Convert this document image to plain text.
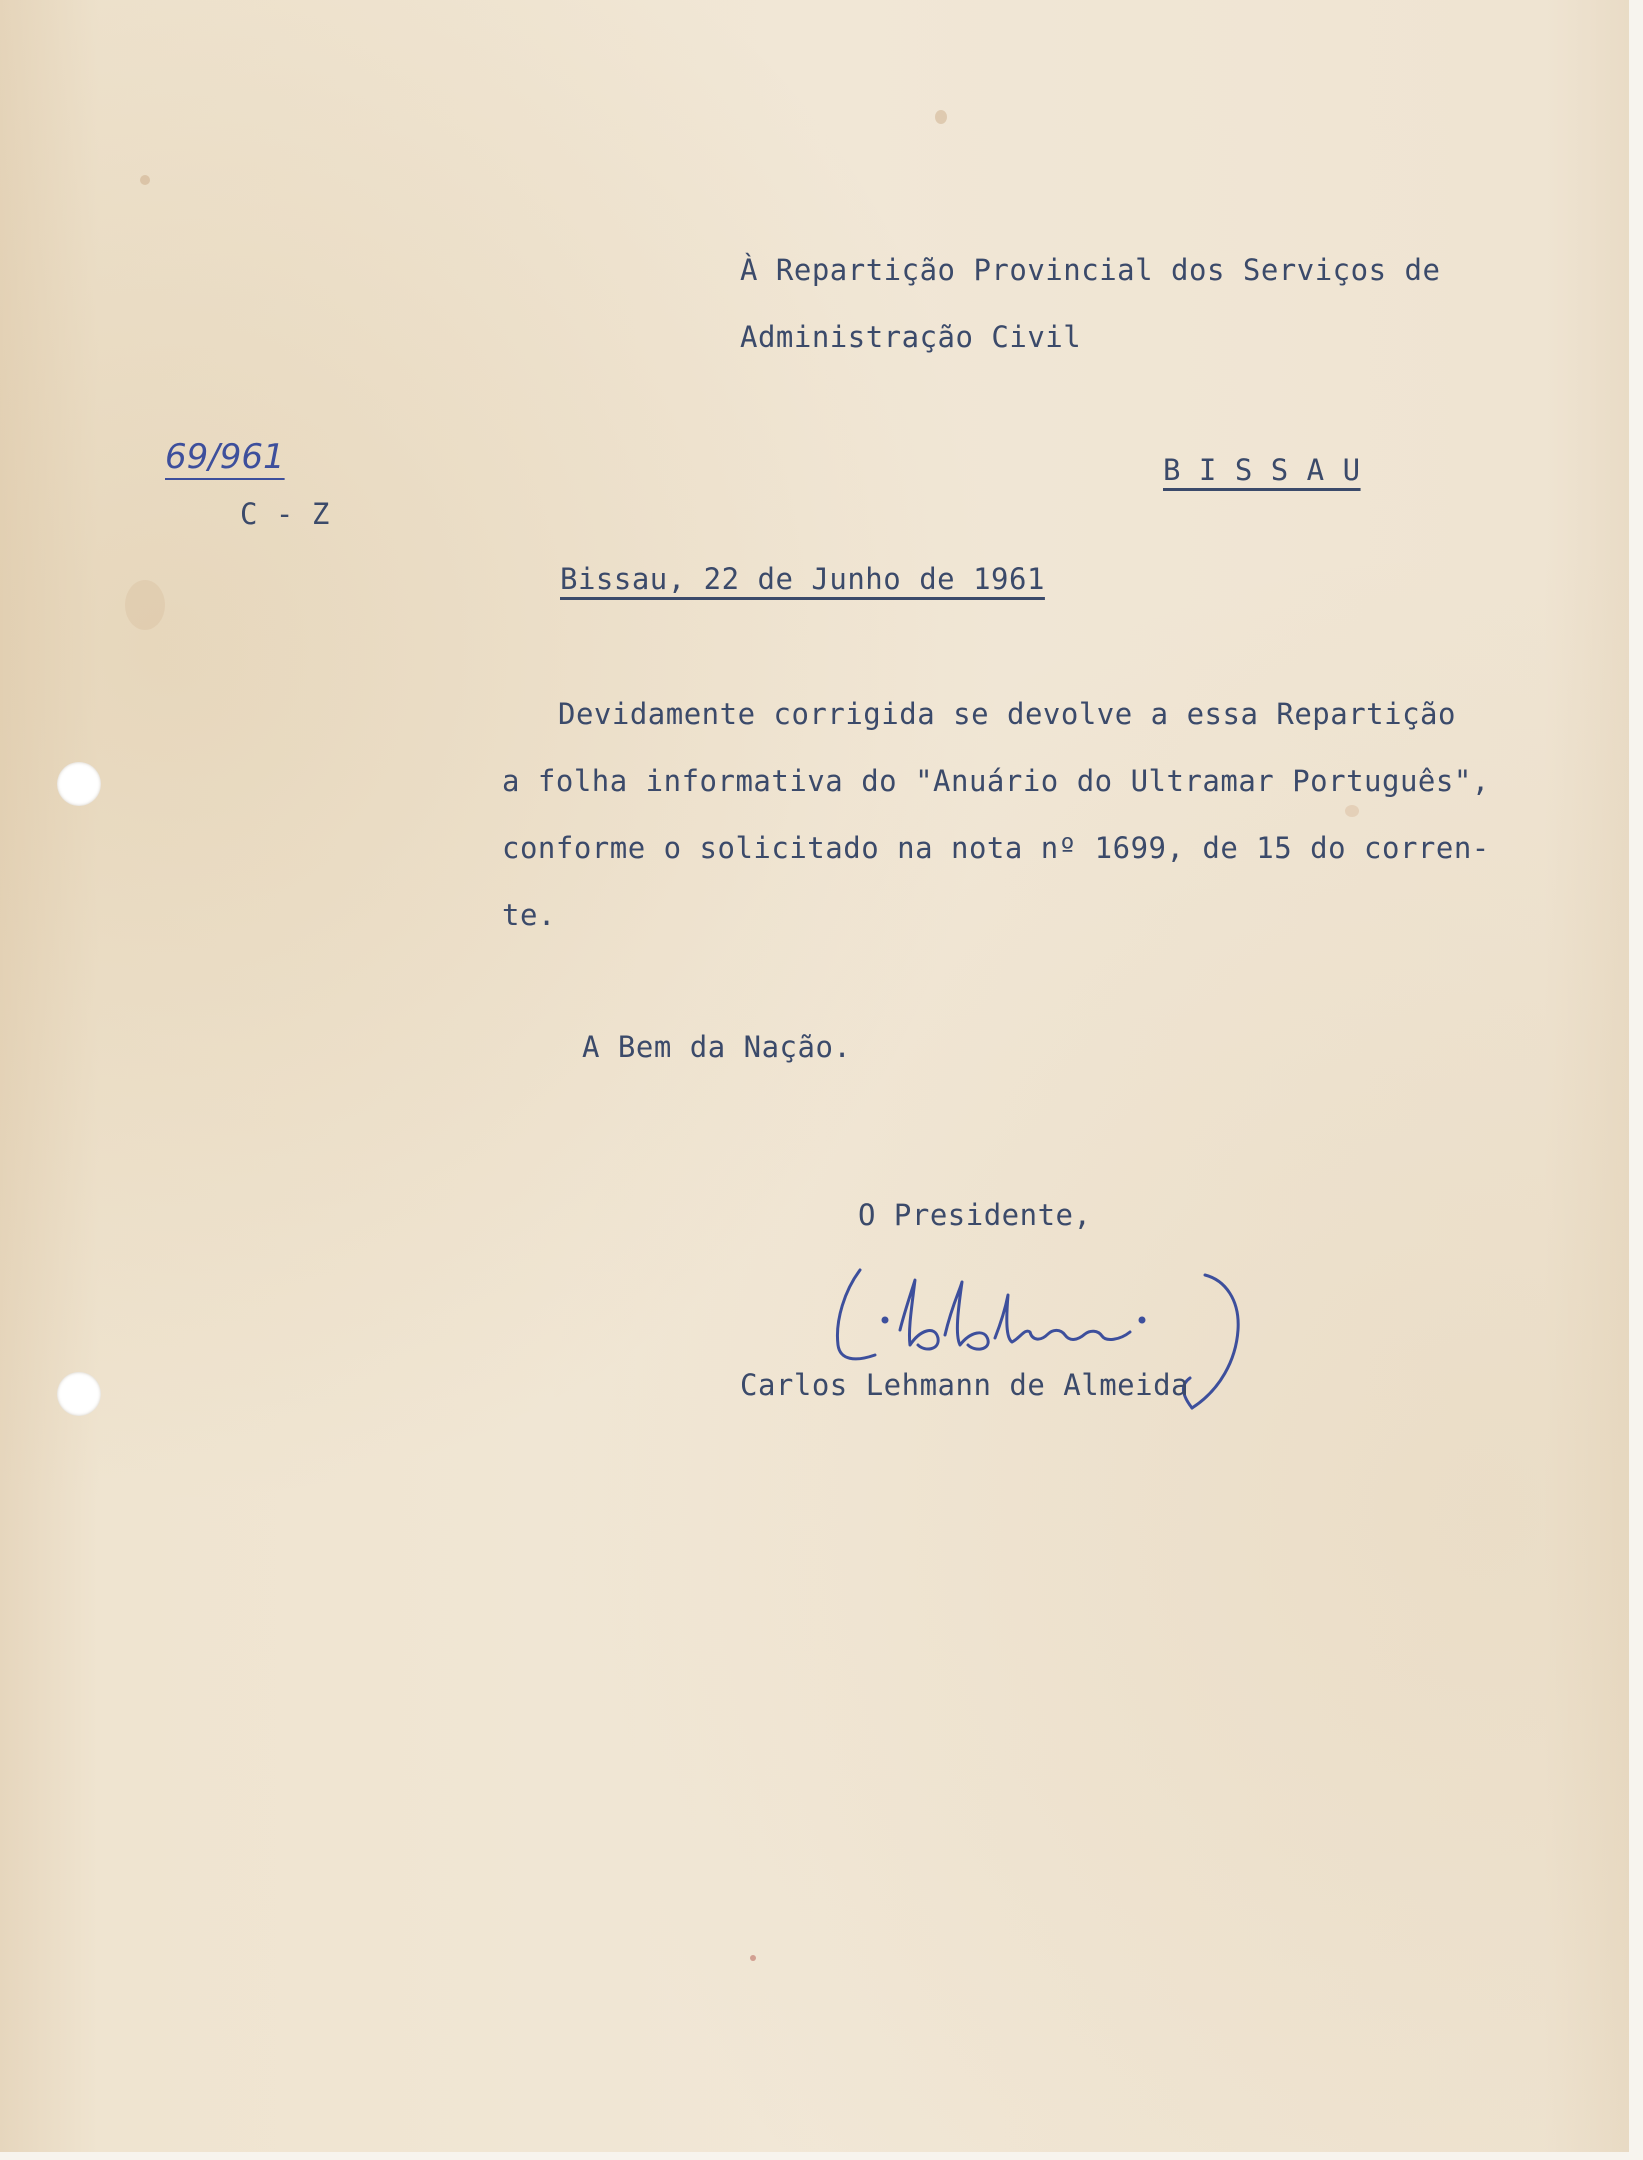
À Repartição Provincial dos Serviços de
Administração Civil
69/961
C - Z
B I S S A U
Bissau, 22 de Junho de 1961
Devidamente corrigida se devolve a essa Repartição
a folha informativa do "Anuário do Ultramar Português",
conforme o solicitado na nota nº 1699, de 15 do corren-
te.
A Bem da Nação.
O Presidente,
Carlos Lehmann de Almeida
